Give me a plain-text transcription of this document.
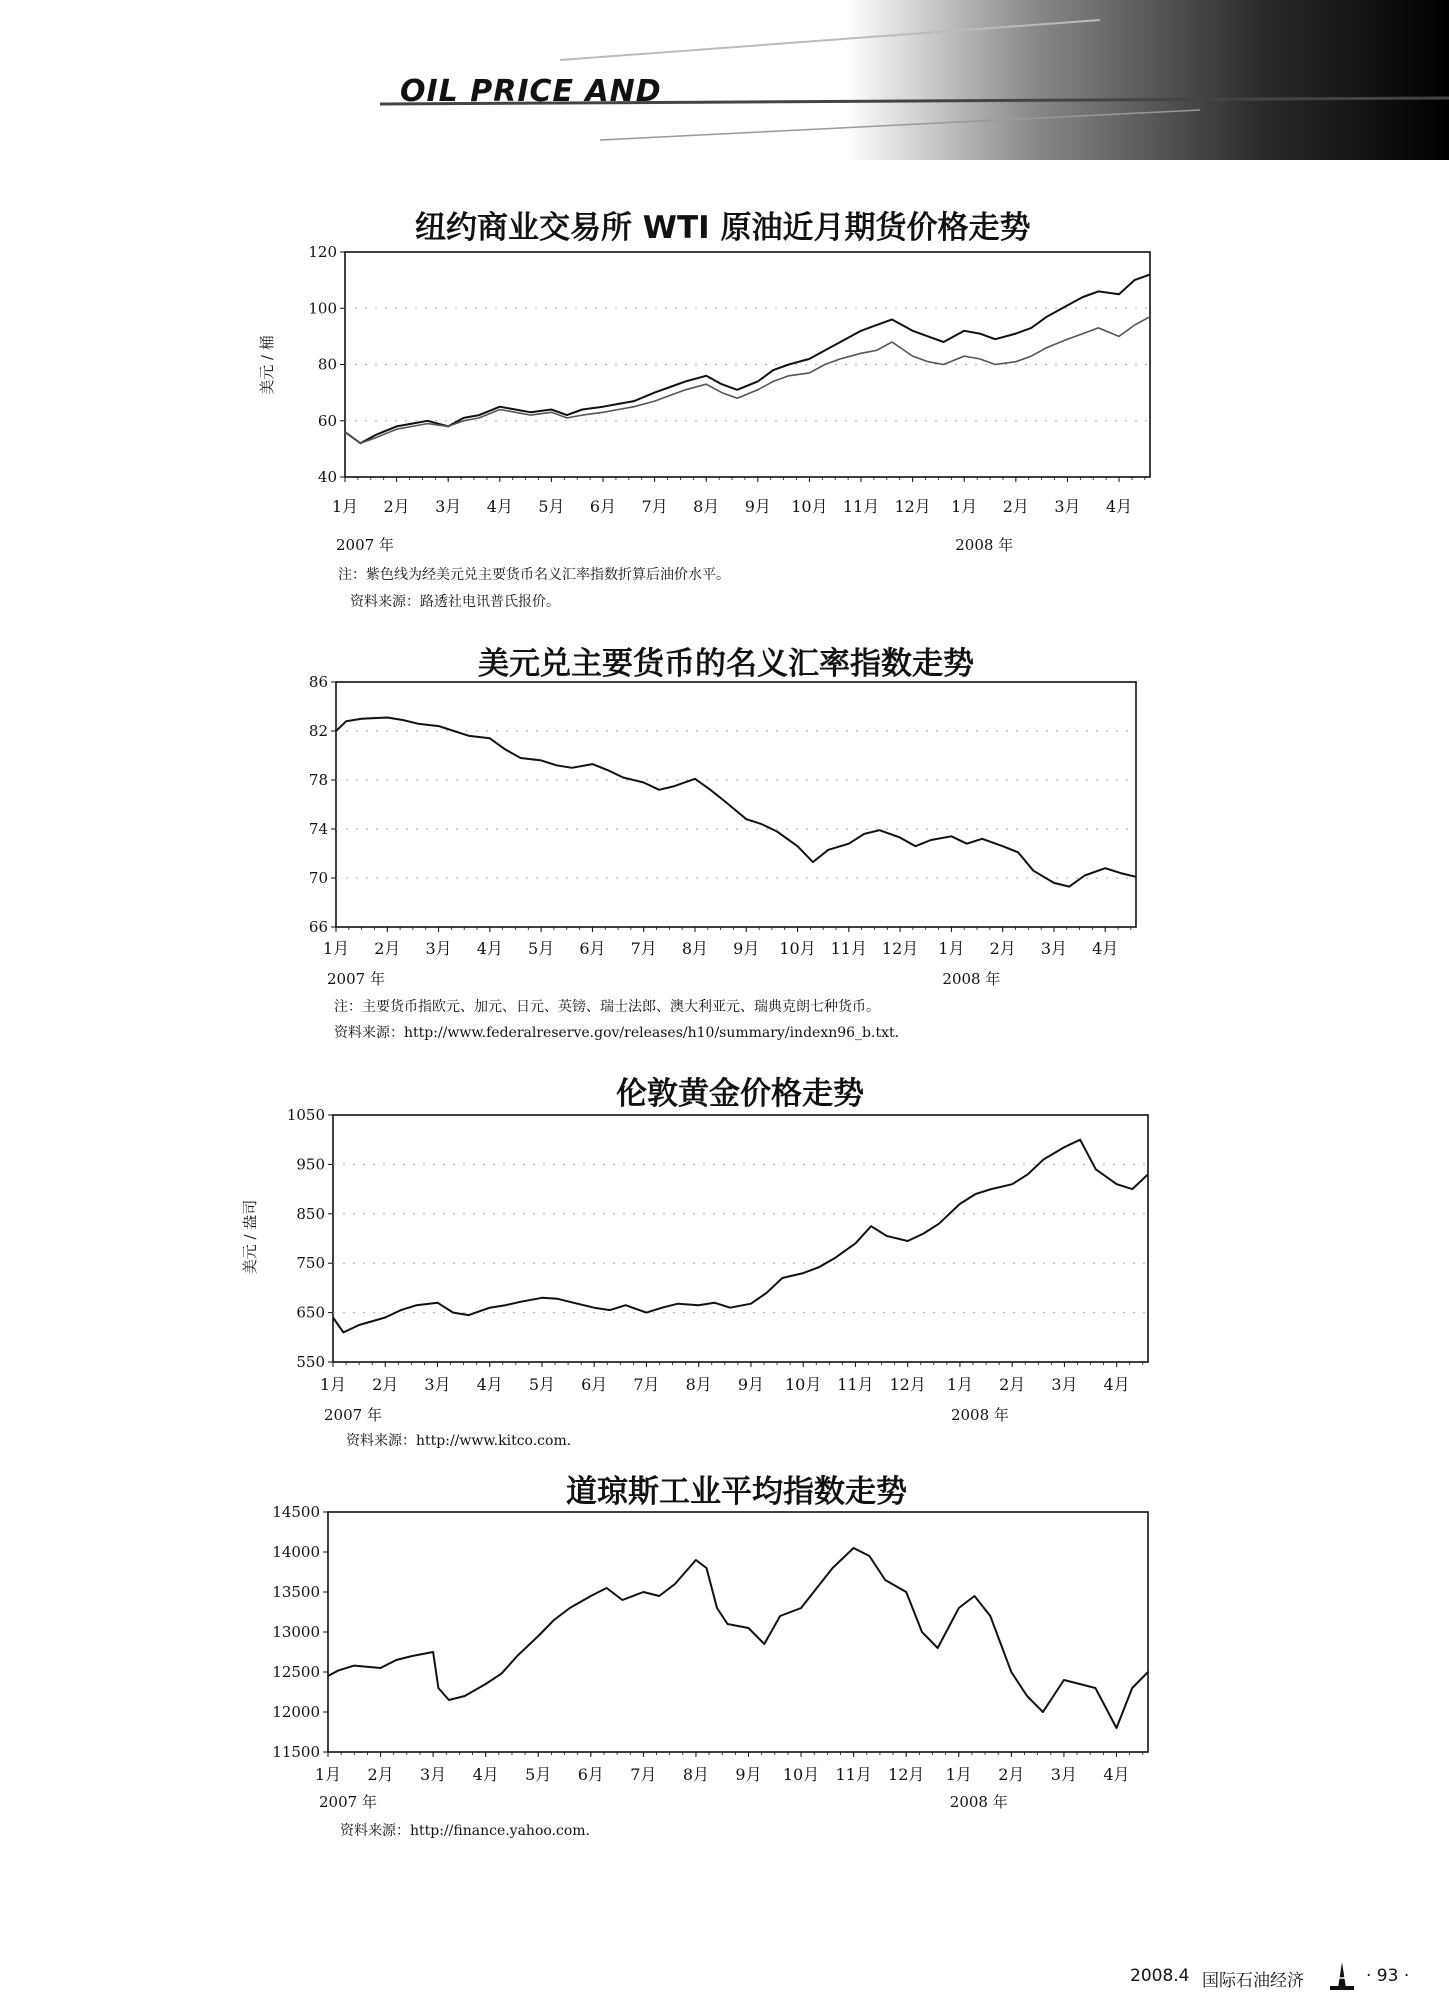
OIL PRICE AND
纽约商业交易所 WTI 原油近月期货价格走势
40
60
80
100
120
1月 2月 3月 4月 5月 6月 7月 8月 9月 10月 11月 12月 1月 2月 3月 4月
2007 年	2008 年
美元 / 桶
66
70
74
78
82
86
1月 2月 3月 4月 5月 6月 7月 8月 9月 10月 11月 12月 1月 2月 3月 4月
2007 年	2008 年
550
650
750
850
950
1050
1月 2月 3月 4月 5月 6月 7月 8月 9月 10月 11月 12月 1月 2月 3月 4月
2007 年	2008 年
美元 / 盎司
11500
12000
12500
13000
13500
14000
14500
1月 2月 3月 4月 5月 6月 7月 8月 9月 10月 11月 12月 1月 2月 3月 4月
2007 年	2008 年
注：紫色线为经美元兑主要货币名义汇率指数折算后油价水平。
资料来源：路透社电讯普氏报价。
美元兑主要货币的名义汇率指数走势
注：主要货币指欧元、加元、日元、英镑、瑞士法郎、澳大利亚元、瑞典克朗七种货币。
资料来源：http://www.federalreserve.gov/releases/h10/summary/indexn96_b.txt.
伦敦黄金价格走势
资料来源：http://www.kitco.com.
道琼斯工业平均指数走势
资料来源：http://finance.yahoo.com.
2008.4 国际石油经济	· 93 ·
